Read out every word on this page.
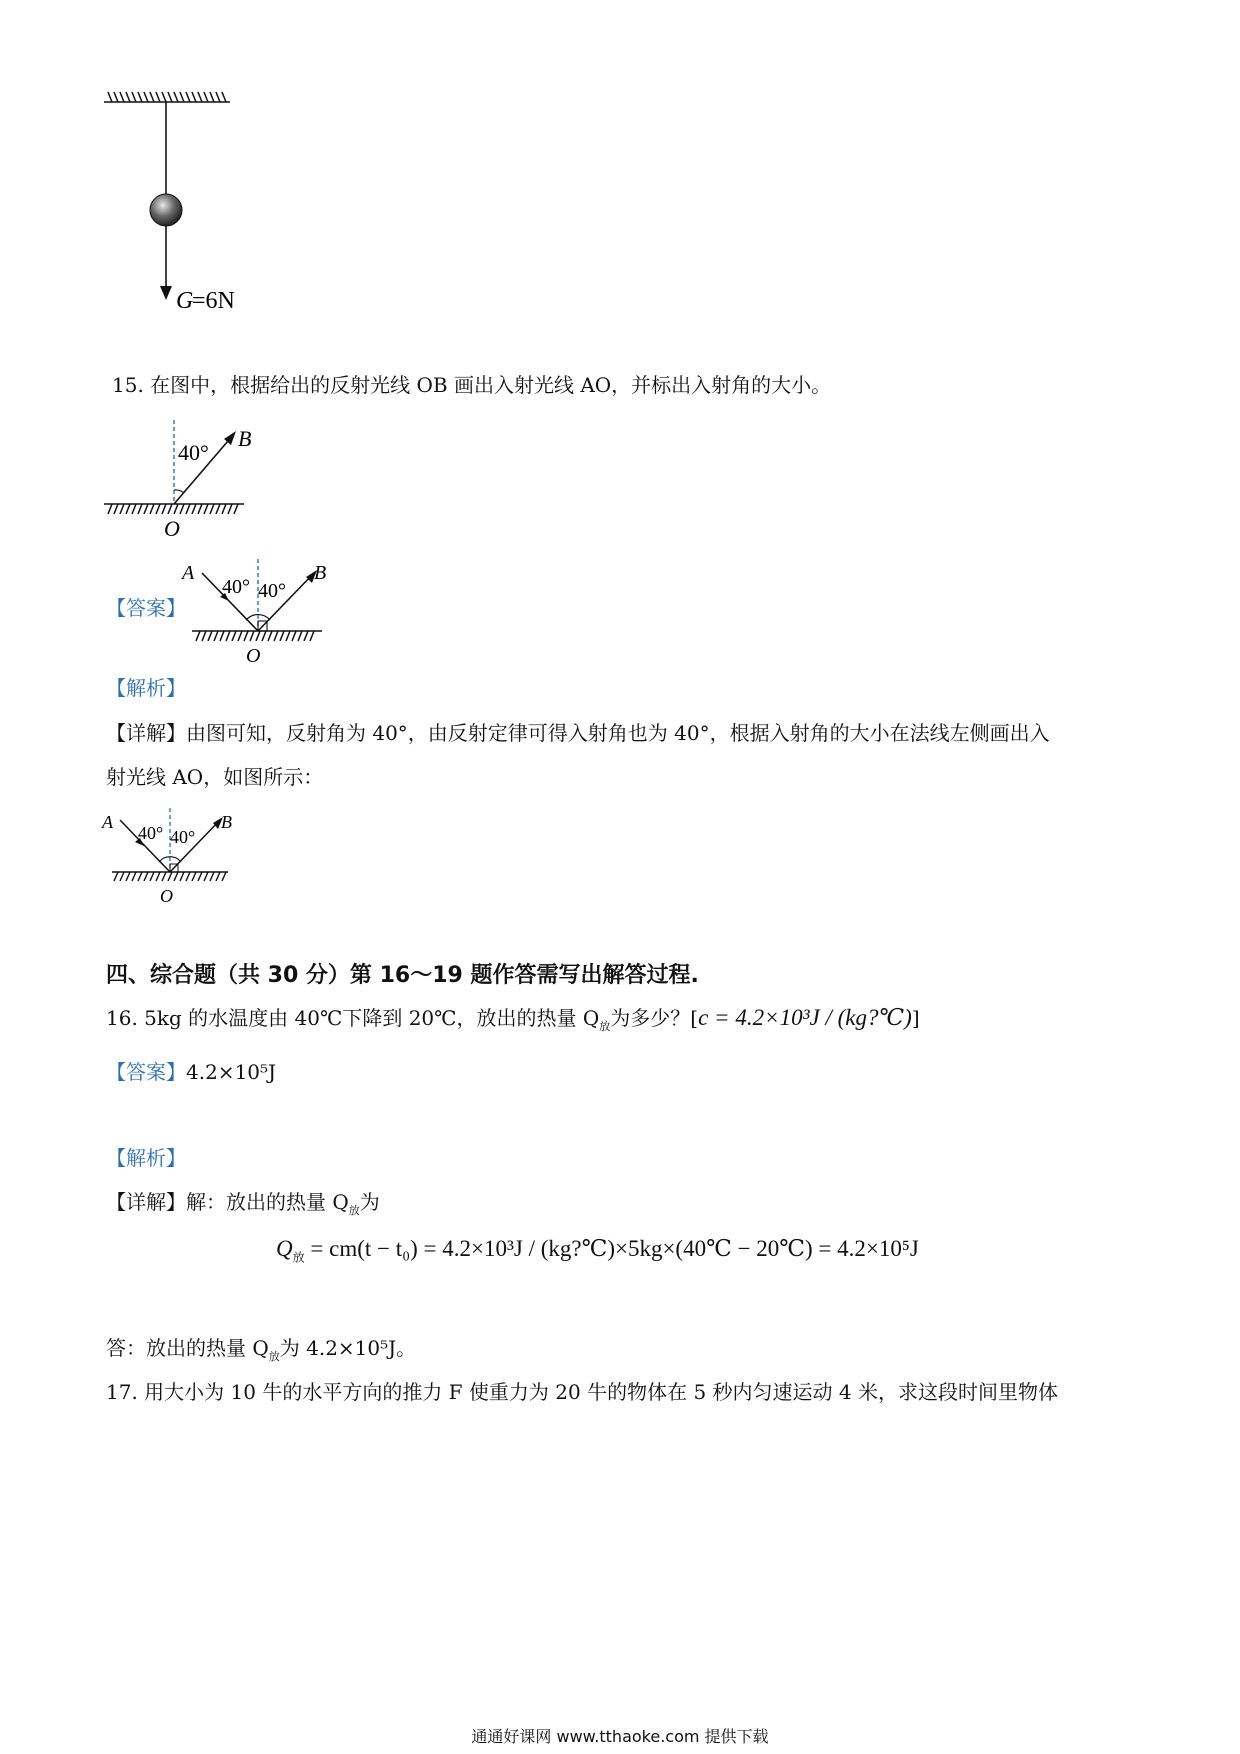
G
=6N
15. 在图中，根据给出的反射光线 OB 画出入射光线 AO，并标出入射角的大小。
40°
B
O
【答案】
40° 40°
A	B
O
【解析】
【详解】由图可知，反射角为 40°，由反射定律可得入射角也为 40°，根据入射角的大小在法线左侧画出入
射光线 AO，如图所示：
40° 40°
A	B
O
四、综合题（共 30 分）第 16～19 题作答需写出解答过程.
16. 5kg 的水温度由 40℃下降到 20℃，放出的热量 $Q_放$为多少？[c = 4.2×10³J / (kg?℃)]
【答案】4.2×10⁵J
【解析】
【详解】解：放出的热量 $Q_放$为
$Q_放 = cm(t - t_0) = 4.2\times 10^3J$ / (kg?℃)×5kg×(40℃ − 20℃) = 4.2×10⁵J
答：放出的热量 $Q_放$为 4.2×10⁵J。
17. 用大小为 10 牛的水平方向的推力 F 使重力为 20 牛的物体在 5 秒内匀速运动 4 米，求这段时间里物体
通通好课网 www.tthaoke.com 提供下载
